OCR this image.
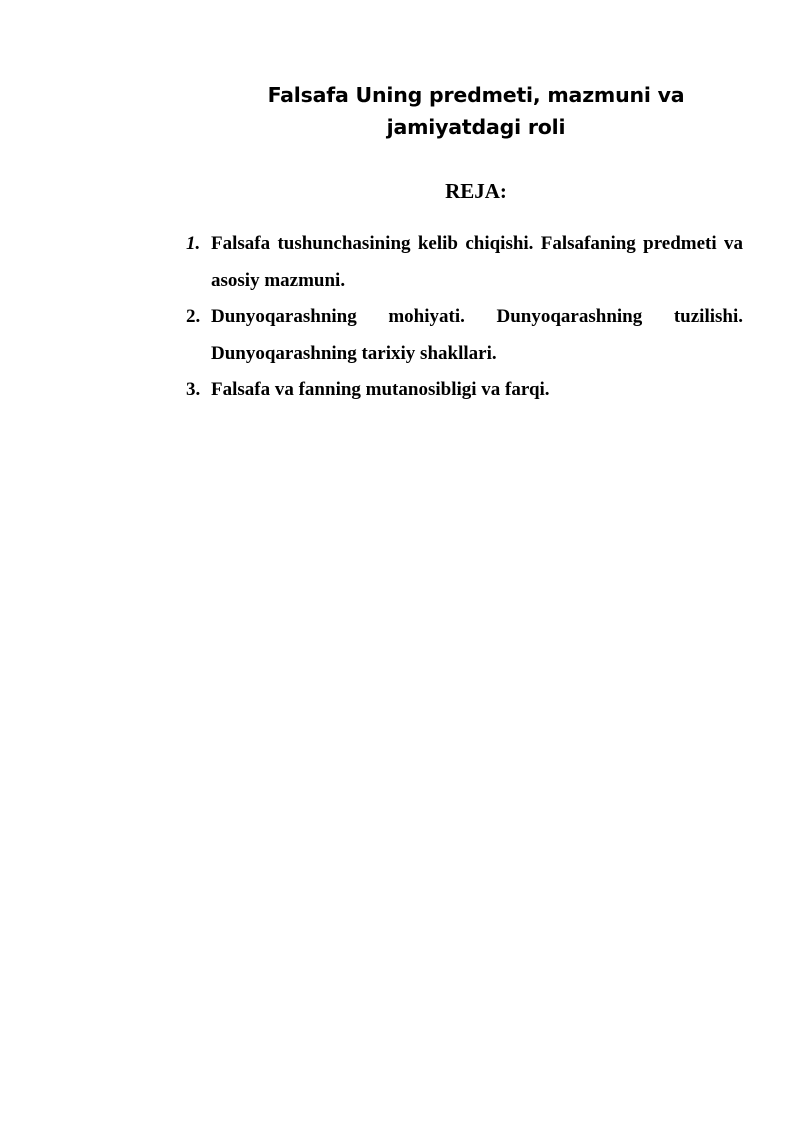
Falsafa Uning predmeti, mazmuni va
jamiyatdagi roli
REJA:
1. Falsafa tushunchasining kelib chiqishi. Falsafaning predmeti va asosiy mazmuni.
2. Dunyoqarashning mohiyati. Dunyoqarashning tuzilishi. Dunyoqarashning tarixiy shakllari.
3. Falsafa va fanning mutanosibligi va farqi.
